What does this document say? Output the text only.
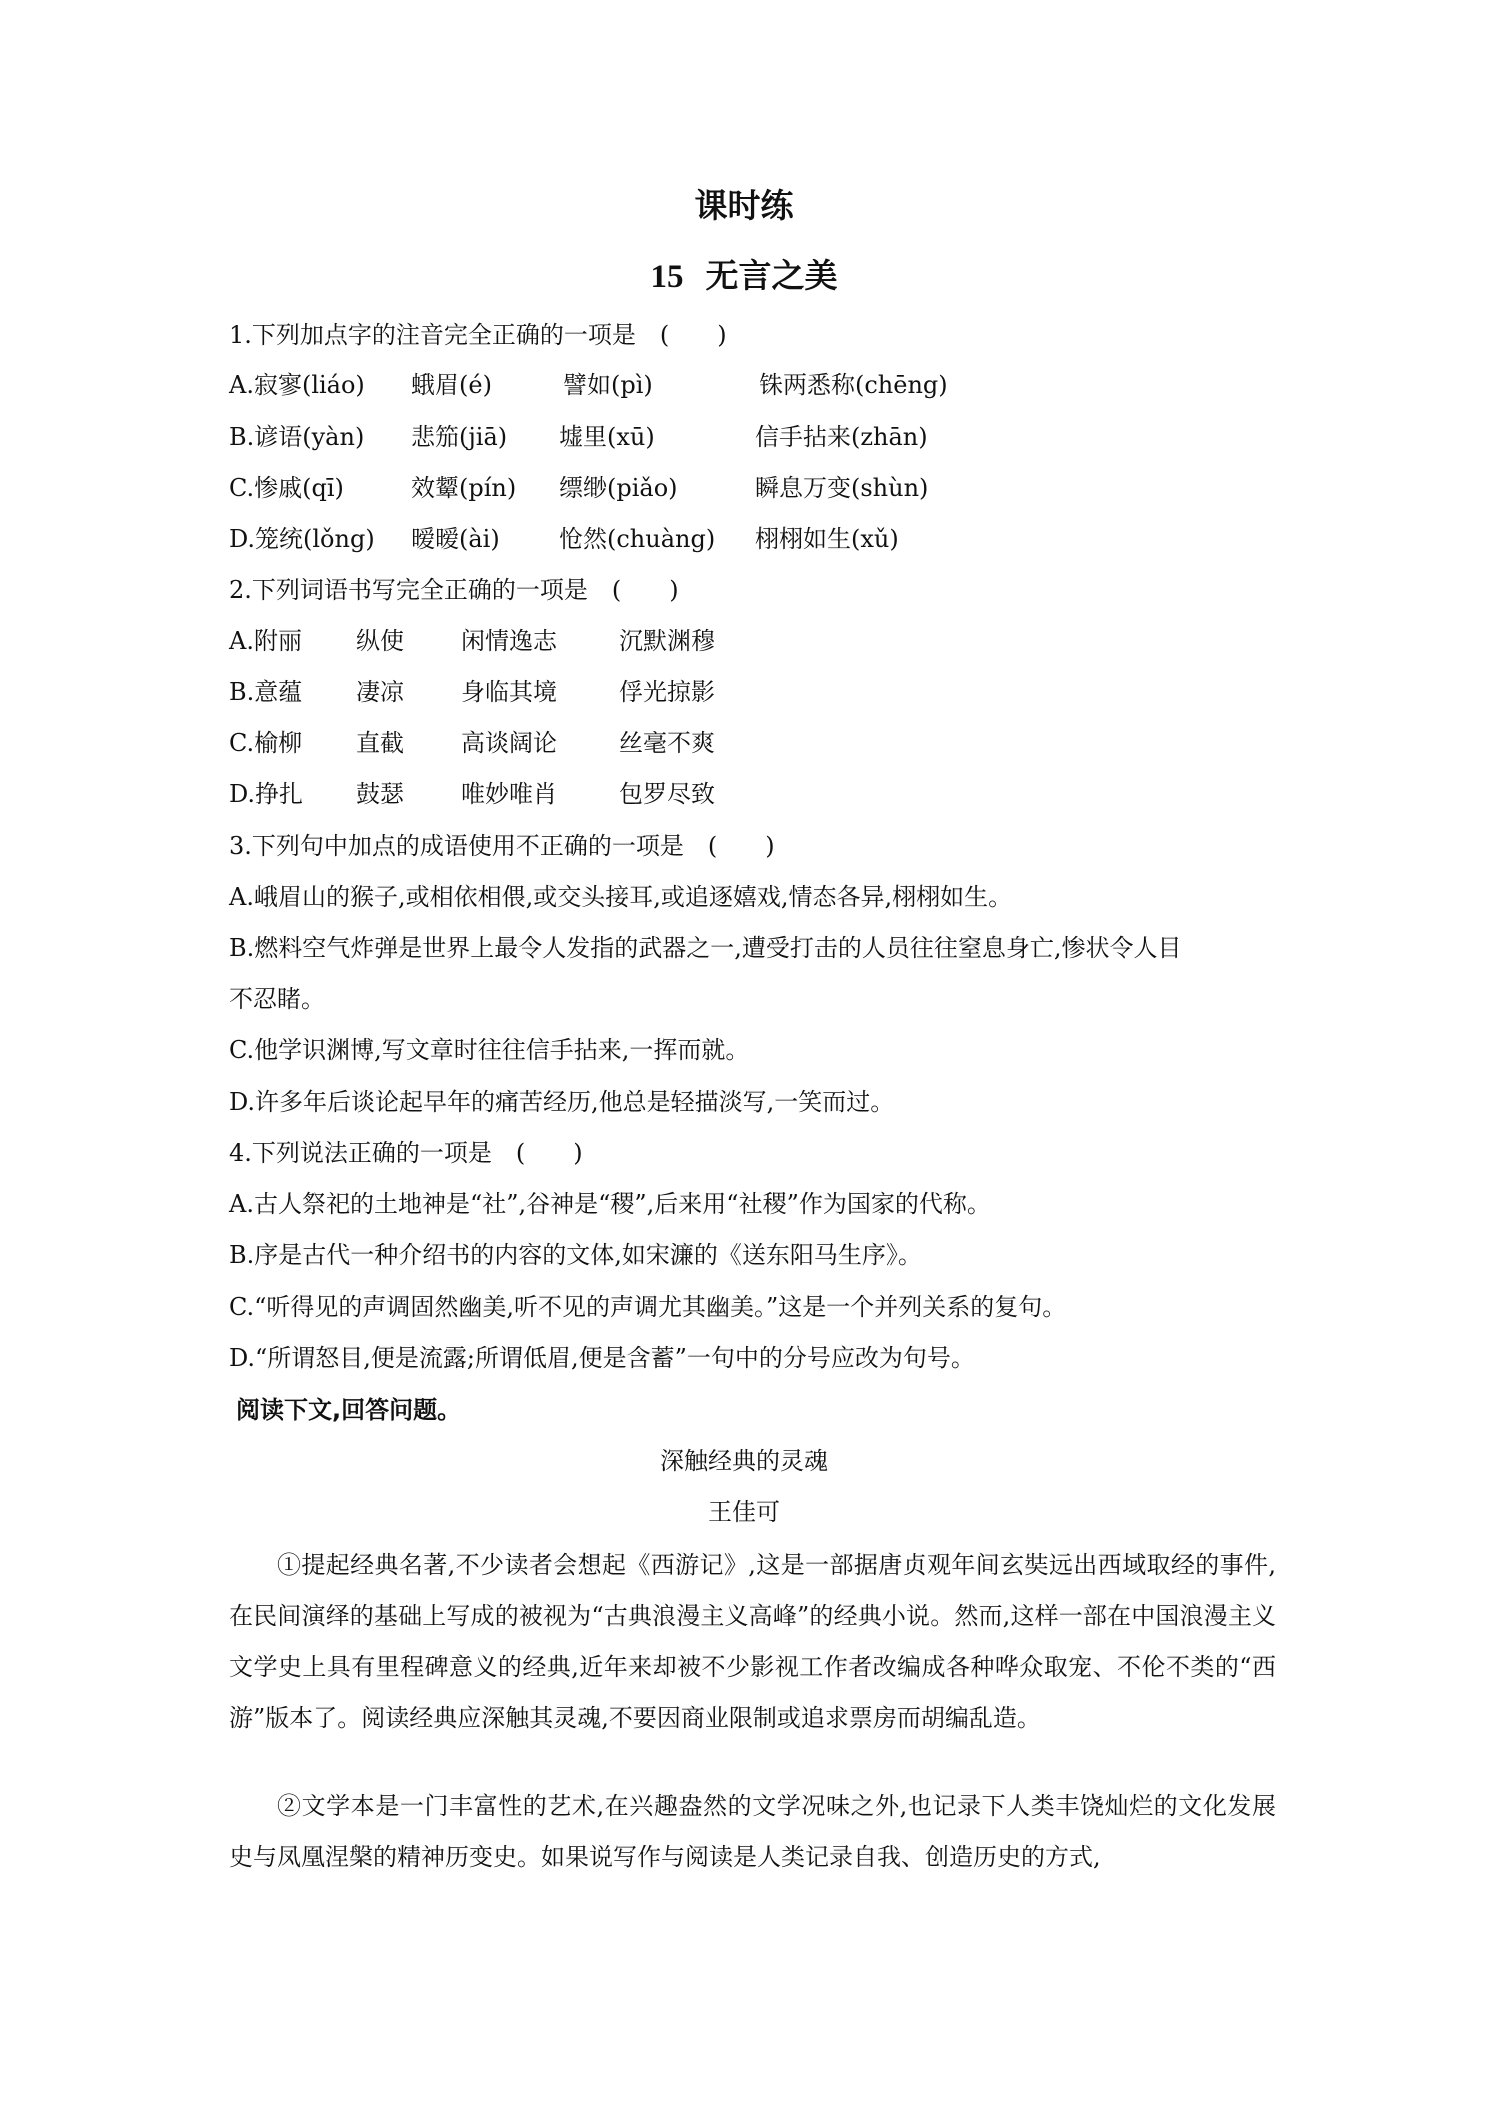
课时练
15 无言之美
1.下列加点字的注音完全正确的一项是　 (　　)
A.寂寥(liáo) 蛾眉(é)	譬如(pì)	铢两悉称(chēng)
B.谚语(yàn) 悲笳(jiā) 墟里(xū)	信手拈来(zhān)
C.惨戚(qī)	效颦(pín) 缥缈(piǎo)	瞬息万变(shùn)
D.笼统(lǒng) 暧暧(ài) 怆然(chuàng) 栩栩如生(xǔ)
2.下列词语书写完全正确的一项是　 (　　)
A.附丽 纵使 闲情逸志	沉默渊穆
B.意蕴 凄凉 身临其境	俘光掠影
C.榆柳 直截 高谈阔论	丝毫不爽
D.挣扎 鼓瑟 唯妙唯肖	包罗尽致
3.下列句中加点的成语使用不正确的一项是　 (　　)
A.峨眉山的猴子,或相依相偎,或交头接耳,或追逐嬉戏,情态各异,栩栩如生。
B.燃料空气炸弹是世界上最令人发指的武器之一,遭受打击的人员往往窒息身亡,惨状令人目
不忍睹。
C.他学识渊博,写文章时往往信手拈来,一挥而就。
D.许多年后谈论起早年的痛苦经历,他总是轻描淡写,一笑而过。
4.下列说法正确的一项是　 (　　)
A.古人祭祀的土地神是“社”,谷神是“稷”,后来用“社稷”作为国家的代称。
B.序是古代一种介绍书的内容的文体,如宋濂的《送东阳马生序》。
C.“听得见的声调固然幽美,听不见的声调尤其幽美。”这是一个并列关系的复句。
D.“所谓怒目,便是流露;所谓低眉,便是含蓄”一句中的分号应改为句号。
阅读下文,回答问题。
深触经典的灵魂
王佳可

①提起经典名著,不少读者会想起《西游记》,这是一部据唐贞观年间玄奘远出西域取经的事件,在民间演绎的基础上写成的被视为“古典浪漫主义高峰”的经典小说。然而,这样一部在中国浪漫主义文学史上具有里程碑意义的经典,近年来却被不少影视工作者改编成各种哗众取宠、不伦不类的“西游”版本了。阅读经典应深触其灵魂,不要因商业限制或追求票房而胡编乱造。

②文学本是一门丰富性的艺术,在兴趣盎然的文学况味之外,也记录下人类丰饶灿烂的文化发展史与凤凰涅槃的精神历变史。如果说写作与阅读是人类记录自我、创造历史的方式,
